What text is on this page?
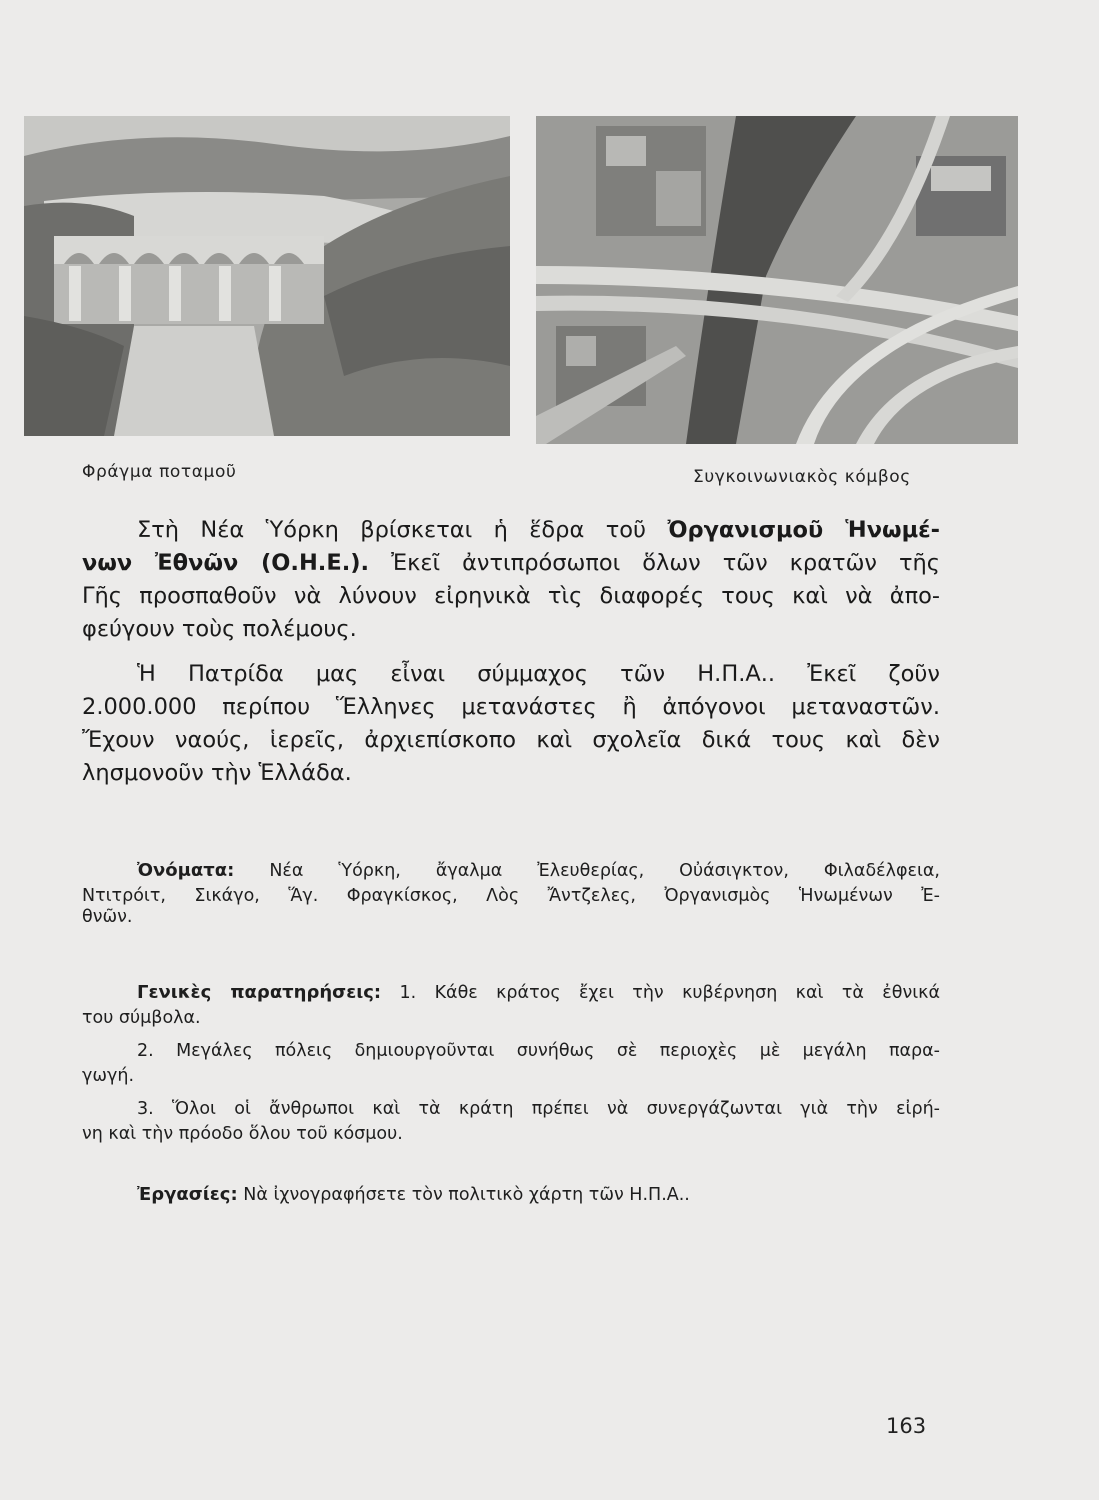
Φράγμα ποταμοῦ	Συγκοινωνιακὸς κόμβος
Στὴ Νέα Ὑόρκη βρίσκεται ἡ ἕδρα τοῦ Ὀργανισμοῦ Ἡνωμέ-
νων Ἐθνῶν (Ο.Η.Ε.). Ἐκεῖ ἀντιπρόσωποι ὅλων τῶν κρατῶν τῆς
Γῆς προσπαθοῦν νὰ λύνουν εἰρηνικὰ τὶς διαφορές τους καὶ νὰ ἀπο-
φεύγουν τοὺς πολέμους.
Ἡ Πατρίδα μας εἶναι σύμμαχος τῶν Η.Π.Α.. Ἐκεῖ ζοῦν
2.000.000 περίπου Ἕλληνες μετανάστες ἢ ἀπόγονοι μεταναστῶν.
Ἔχουν ναούς, ἱερεῖς, ἀρχιεπίσκοπο καὶ σχολεῖα δικά τους καὶ δὲν
λησμονοῦν τὴν Ἑλλάδα.
Ὀνόματα: Νέα Ὑόρκη, ἄγαλμα Ἐλευθερίας, Οὐάσιγκτον, Φιλαδέλφεια,
Ντιτρόιτ, Σικάγο, Ἅγ. Φραγκίσκος, Λὸς Ἄντζελες, Ὀργανισμὸς Ἡνωμένων Ἐ-
θνῶν.
Γενικὲς παρατηρήσεις: 1. Κάθε κράτος ἔχει τὴν κυβέρνηση καὶ τὰ ἐθνικά
του σύμβολα.
2. Μεγάλες πόλεις δημιουργοῦνται συνήθως σὲ περιοχὲς μὲ μεγάλη παρα-
γωγή.
3. Ὅλοι οἱ ἄνθρωποι καὶ τὰ κράτη πρέπει νὰ συνεργάζωνται γιὰ τὴν εἰρή-
νη καὶ τὴν πρόοδο ὅλου τοῦ κόσμου.
Ἐργασίες: Νὰ ἰχνογραφήσετε τὸν πολιτικὸ χάρτη τῶν Η.Π.Α..
163
